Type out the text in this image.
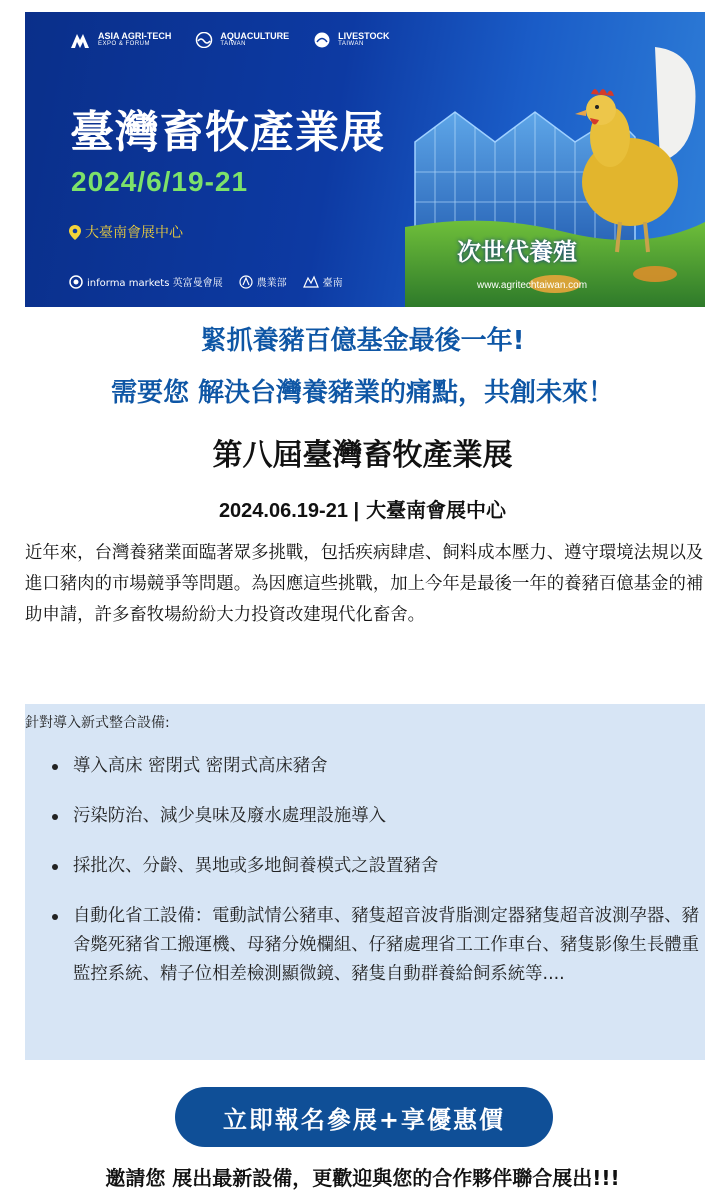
ASIA AGRI-TECH
EXPO & FORUM
AQUACULTURE
TAIWAN
LIVESTOCK
TAIWAN
臺灣畜牧產業展
2024/6/19-21
大臺南會展中心
informa markets 英富曼會展	農業部	臺南
次世代養殖
www.agritechtaiwan.com
緊抓養豬百億基金最後一年!
需要您 解決台灣養豬業的痛點，共創未來！
第八屆臺灣畜牧產業展
2024.06.19-21 | 大臺南會展中心
近年來，台灣養豬業面臨著眾多挑戰，包括疾病肆虐、飼料成本壓力、遵守環境法規以及進口豬肉的市場競爭等問題。為因應這些挑戰，加上今年是最後一年的養豬百億基金的補助申請，許多畜牧場紛紛大力投資改建現代化畜舍。
針對導入新式整合設備:
導入高床 密閉式 密閉式高床豬舍
污染防治、減少臭味及廢水處理設施導入
採批次、分齡、異地或多地飼養模式之設置豬舍
自動化省工設備：電動試情公豬車、豬隻超音波背脂測定器豬隻超音波測孕器、豬舍斃死豬省工搬運機、母豬分娩欄組、仔豬處理省工工作車台、豬隻影像生長體重監控系統、精子位相差檢測顯微鏡、豬隻自動群養給飼系統等....
立即報名參展+享優惠價
邀請您 展出最新設備，更歡迎與您的合作夥伴聯合展出!!!
